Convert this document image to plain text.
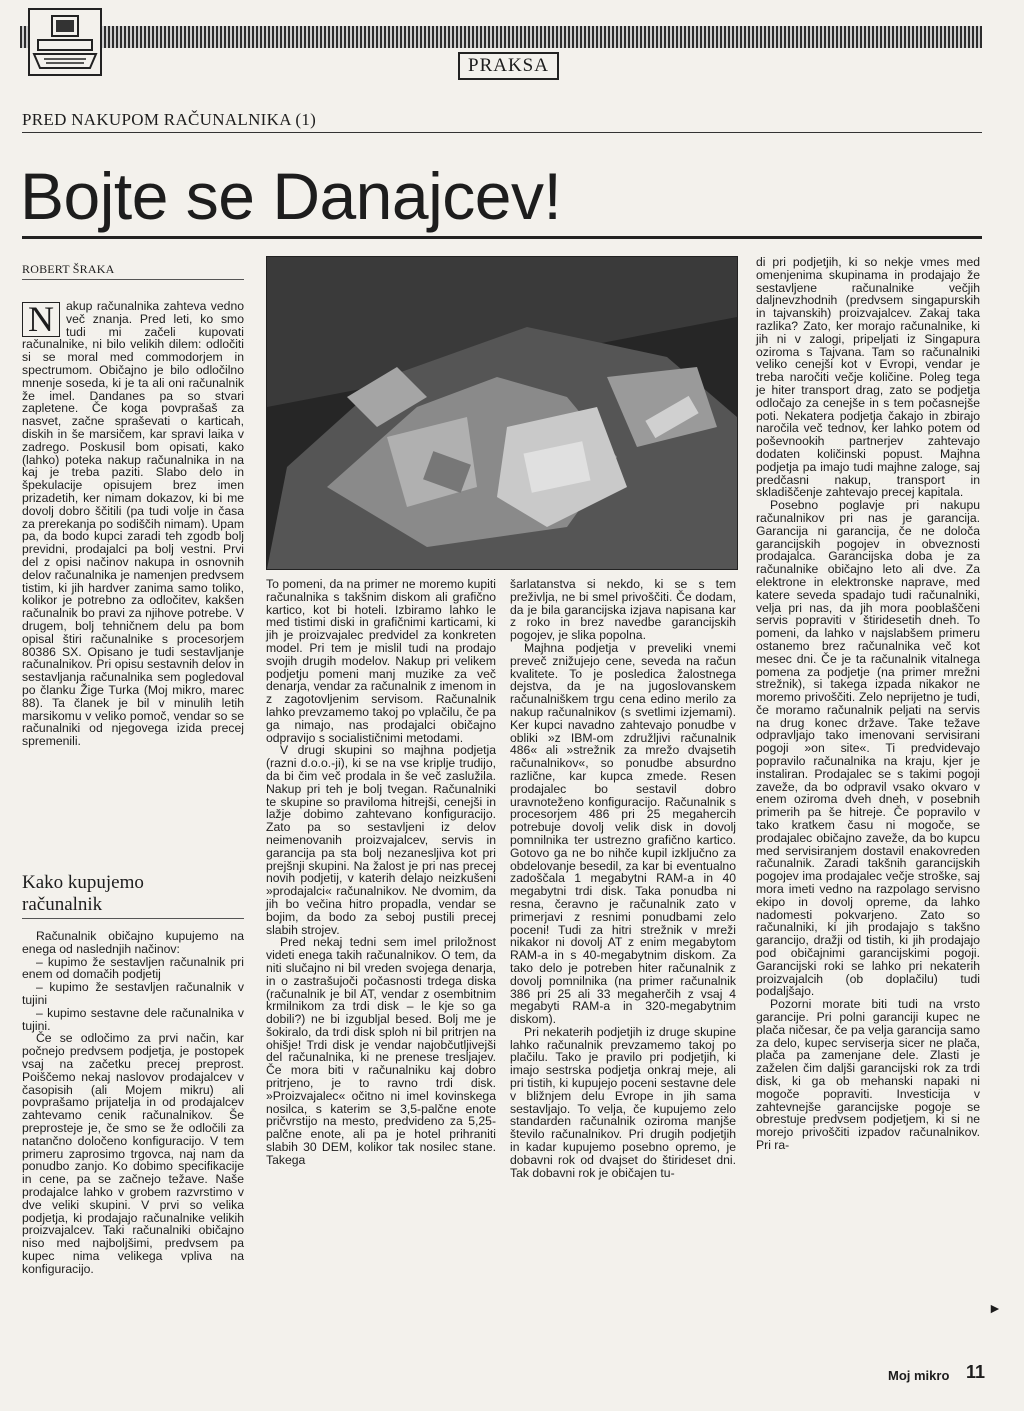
PRAKSA
PRED NAKUPOM RAČUNALNIKA (1)
Bojte se Danajcev!
ROBERT ŠRAKA

N akup računalnika zahteva vedno več znanja. Pred leti, ko smo tudi mi začeli kupovati računalnike, ni bilo velikih dilem: odločiti si se moral med commodorjem in spectrumom. Običajno je bilo odločilno mnenje soseda, ki je ta ali oni računalnik že imel. Dandanes pa so stvari zapletene. Če koga povprašaš za nasvet, začne spraševati o karticah, diskih in še marsičem, kar spravi laika v zadrego. Poskusil bom opisati, kako (lahko) poteka nakup računalnika in na kaj je treba paziti. Slabo delo in špekulacije opisujem brez imen prizadetih, ker nimam dokazov, ki bi me dovolj dobro ščitili (pa tudi volje in časa za prerekanja po sodiščih nimam). Upam pa, da bodo kupci zaradi teh zgodb bolj previdni, prodajalci pa bolj vestni. Prvi del z opisi načinov nakupa in osnovnih delov računalnika je namenjen predvsem tistim, ki jih hardver zanima samo toliko, kolikor je potrebno za odločitev, kakšen računalnik bo pravi za njihove potrebe. V drugem, bolj tehničnem delu pa bom opisal štiri računalnike s procesorjem 80386 SX. Opisano je tudi sestavljanje računalnikov. Pri opisu sestavnih delov in sestavljanja računalnika sem pogledoval po članku Žige Turka (Moj mikro, marec 88). Ta članek je bil v minulih letih marsikomu v veliko pomoč, vendar so se računalniki od njegovega izida precej spremenili.

Kako kupujemo računalnik

Računalnik običajno kupujemo na enega od naslednjih načinov:

– kupimo že sestavljen računalnik pri enem od domačih podjetij

– kupimo že sestavljen računalnik v tujini

– kupimo sestavne dele računalnika v tujini.

Če se odločimo za prvi način, kar počnejo predvsem podjetja, je postopek vsaj na začetku precej preprost. Poiščemo nekaj naslovov prodajalcev v časopisih (ali Mojem mikru) ali povprašamo prijatelja in od prodajalcev zahtevamo cenik računalnikov. Še preprosteje je, če smo se že odločili za natančno določeno konfiguracijo. V tem primeru zaprosimo trgovca, naj nam da ponudbo zanjo. Ko dobimo specifikacije in cene, pa se začnejo težave. Naše prodajalce lahko v grobem razvrstimo v dve veliki skupini. V prvi so velika podjetja, ki prodajajo računalnike velikih proizvajalcev. Taki računalniki običajno niso med najboljšimi, predvsem pa kupec nima velikega vpliva na konfiguracijo.

To pomeni, da na primer ne moremo kupiti računalnika s takšnim diskom ali grafično kartico, kot bi hoteli. Izbiramo lahko le med tistimi diski in grafičnimi karticami, ki jih je proizvajalec predvidel za konkreten model. Pri tem je mislil tudi na prodajo svojih drugih modelov. Nakup pri velikem podjetju pomeni manj muzike za več denarja, vendar za računalnik z imenom in z zagotovljenim servisom. Računalnik lahko prevzamemo takoj po vplačilu, če pa ga nimajo, nas prodajalci običajno odpravijo s socialističnimi metodami.

V drugi skupini so majhna podjetja (razni d.o.o.-ji), ki se na vse kriplje trudijo, da bi čim več prodala in še več zaslužila. Nakup pri teh je bolj tvegan. Računalniki te skupine so praviloma hitrejši, cenejši in lažje dobimo zahtevano konfiguracijo. Zato pa so sestavljeni iz delov neimenovanih proizvajalcev, servis in garancija pa sta bolj nezanesljiva kot pri prejšnji skupini. Na žalost je pri nas precej novih podjetij, v katerih delajo neizkušeni »prodajalci« računalnikov. Ne dvomim, da jih bo večina hitro propadla, vendar se bojim, da bodo za seboj pustili precej slabih strojev.

Pred nekaj tedni sem imel priložnost videti enega takih računalnikov. O tem, da niti slučajno ni bil vreden svojega denarja, in o zastrašujoči počasnosti trdega diska (računalnik je bil AT, vendar z osembitnim krmilnikom za trdi disk – le kje so ga dobili?) ne bi izgubljal besed. Bolj me je šokiralo, da trdi disk sploh ni bil pritrjen na ohišje! Trdi disk je vendar najobčutljivejši del računalnika, ki ne prenese tresljajev. Če mora biti v računalniku kaj dobro pritrjeno, je to ravno trdi disk. »Proizvajalec« očitno ni imel kovinskega nosilca, s katerim se 3,5-palčne enote pričvrstijo na mesto, predvideno za 5,25-palčne enote, ali pa je hotel prihraniti slabih 30 DEM, kolikor tak nosilec stane. Takega

šarlatanstva si nekdo, ki se s tem preživlja, ne bi smel privoščiti. Če dodam, da je bila garancijska izjava napisana kar z roko in brez navedbe garancijskih pogojev, je slika popolna.

Majhna podjetja v preveliki vnemi preveč znižujejo cene, seveda na račun kvalitete. To je posledica žalostnega dejstva, da je na jugoslovanskem računalniškem trgu cena edino merilo za nakup računalnikov (s svetlimi izjemami). Ker kupci navadno zahtevajo ponudbe v obliki »z IBM-om združljivi računalnik 486« ali »strežnik za mrežo dvajsetih računalnikov«, so ponudbe absurdno različne, kar kupca zmede. Resen prodajalec bo sestavil dobro uravnoteženo konfiguracijo. Računalnik s procesorjem 486 pri 25 megahercih potrebuje dovolj velik disk in dovolj pomnilnika ter ustrezno grafično kartico. Gotovo ga ne bo nihče kupil izključno za obdelovanje besedil, za kar bi eventualno zadoščala 1 megabytni RAM-a in 40 megabytni trdi disk. Taka ponudba ni resna, čeravno je računalnik zato v primerjavi z resnimi ponudbami zelo poceni! Tudi za hitri strežnik v mreži nikakor ni dovolj AT z enim megabytom RAM-a in s 40-megabytnim diskom. Za tako delo je potreben hiter računalnik z dovolj pomnilnika (na primer računalnik 386 pri 25 ali 33 megaherčih z vsaj 4 megabyti RAM-a in 320-megabytnim diskom).

Pri nekaterih podjetjih iz druge skupine lahko računalnik prevzamemo takoj po plačilu. Tako je pravilo pri podjetjih, ki imajo sestrska podjetja onkraj meje, ali pri tistih, ki kupujejo poceni sestavne dele v bližnjem delu Evrope in jih sama sestavljajo. To velja, če kupujemo zelo standarden računalnik oziroma manjše število računalnikov. Pri drugih podjetjih in kadar kupujemo posebno opremo, je dobavni rok od dvajset do štirideset dni. Tak dobavni rok je običajen tu-

di pri podjetjih, ki so nekje vmes med omenjenima skupinama in prodajajo že sestavljene računalnike večjih daljnevzhodnih (predvsem singapurskih in tajvanskih) proizvajalcev. Zakaj taka razlika? Zato, ker morajo računalnike, ki jih ni v zalogi, pripeljati iz Singapura oziroma s Tajvana. Tam so računalniki veliko cenejši kot v Evropi, vendar je treba naročiti večje količine. Poleg tega je hiter transport drag, zato se podjetja odločajo za cenejše in s tem počasnejše poti. Nekatera podjetja čakajo in zbirajo naročila več tednov, ker lahko potem od poševnookih partnerjev zahtevajo dodaten količinski popust. Majhna podjetja pa imajo tudi majhne zaloge, saj predčasni nakup, transport in skladiščenje zahtevajo precej kapitala.

Posebno poglavje pri nakupu računalnikov pri nas je garancija. Garancija ni garancija, če ne določa garancijskih pogojev in obveznosti prodajalca. Garancijska doba je za računalnike običajno leto ali dve. Za elektrone in elektronske naprave, med katere seveda spadajo tudi računalniki, velja pri nas, da jih mora pooblaščeni servis popraviti v štiridesetih dneh. To pomeni, da lahko v najslabšem primeru ostanemo brez računalnika več kot mesec dni. Če je ta računalnik vitalnega pomena za podjetje (na primer mrežni strežnik), si takega izpada nikakor ne moremo privoščiti. Zelo neprijetno je tudi, če moramo računalnik peljati na servis na drug konec države. Take težave odpravljajo tako imenovani servisirani pogoji »on site«. Ti predvidevajo popravilo računalnika na kraju, kjer je instaliran. Prodajalec se s takimi pogoji zaveže, da bo odpravil vsako okvaro v enem oziroma dveh dneh, v posebnih primerih pa še hitreje. Če popravilo v tako kratkem času ni mogoče, se prodajalec običajno zaveže, da bo kupcu med servisiranjem dostavil enakovreden računalnik. Zaradi takšnih garancijskih pogojev ima prodajalec večje stroške, saj mora imeti vedno na razpolago servisno ekipo in dovolj opreme, da lahko nadomesti pokvarjeno. Zato so računalniki, ki jih prodajajo s takšno garancijo, dražji od tistih, ki jih prodajajo pod običajnimi garancijskimi pogoji. Garancijski roki se lahko pri nekaterih proizvajalcih (ob doplačilu) tudi podaljšajo.

Pozorni morate biti tudi na vrsto garancije. Pri polni garanciji kupec ne plača ničesar, če pa velja garancija samo za delo, kupec serviserja sicer ne plača, plača pa zamenjane dele. Zlasti je zaželen čim daljši garancijski rok za trdi disk, ki ga ob mehanski napaki ni mogoče popraviti. Investicija v zahtevnejše garancijske pogoje se obrestuje predvsem podjetjem, ki si ne morejo privoščiti izpadov računalnikov. Pri ra-

►
Moj mikro 11
